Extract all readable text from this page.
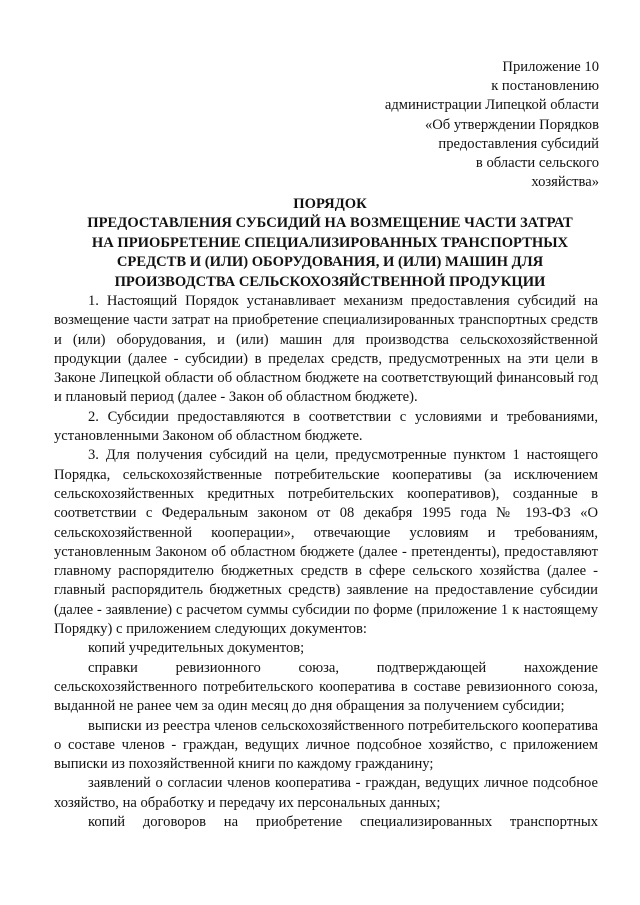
Приложение 10
к постановлению
администрации Липецкой области
«Об утверждении Порядков
предоставления субсидий
в области сельского
хозяйства»
ПОРЯДОК
ПРЕДОСТАВЛЕНИЯ СУБСИДИЙ НА ВОЗМЕЩЕНИЕ ЧАСТИ ЗАТРАТ
НА ПРИОБРЕТЕНИЕ СПЕЦИАЛИЗИРОВАННЫХ ТРАНСПОРТНЫХ
СРЕДСТВ И (ИЛИ) ОБОРУДОВАНИЯ, И (ИЛИ) МАШИН ДЛЯ
ПРОИЗВОДСТВА СЕЛЬСКОХОЗЯЙСТВЕННОЙ ПРОДУКЦИИ

1. Настоящий Порядок устанавливает механизм предоставления субсидий на возмещение части затрат на приобретение специализированных транспортных средств и (или) оборудования, и (или) машин для производства сельскохозяйственной продукции (далее - субсидии) в пределах средств, предусмотренных на эти цели в Законе Липецкой области об областном бюджете на соответствующий финансовый год и плановый период (далее - Закон об областном бюджете).

2. Субсидии предоставляются в соответствии с условиями и требованиями, установленными Законом об областном бюджете.

3. Для получения субсидий на цели, предусмотренные пунктом 1 настоящего Порядка, сельскохозяйственные потребительские кооперативы (за исключением сельскохозяйственных кредитных потребительских кооперативов), созданные в соответствии с Федеральным законом от 08 декабря 1995 года № 193-ФЗ «О сельскохозяйственной кооперации», отвечающие условиям и требованиям, установленным Законом об областном бюджете (далее - претенденты), предоставляют главному распорядителю бюджетных средств в сфере сельского хозяйства (далее - главный распорядитель бюджетных средств) заявление на предоставление субсидии (далее - заявление) с расчетом суммы субсидии по форме (приложение 1 к настоящему Порядку) с приложением следующих документов:

копий учредительных документов;

справки ревизионного союза, подтверждающей нахождение сельскохозяйственного потребительского кооператива в составе ревизионного союза, выданной не ранее чем за один месяц до дня обращения за получением субсидии;

выписки из реестра членов сельскохозяйственного потребительского кооператива о составе членов - граждан, ведущих личное подсобное хозяйство, с приложением выписки из похозяйственной книги по каждому гражданину;

заявлений о согласии членов кооператива - граждан, ведущих личное подсобное хозяйство, на обработку и передачу их персональных данных;

копий договоров на приобретение специализированных транспортных
